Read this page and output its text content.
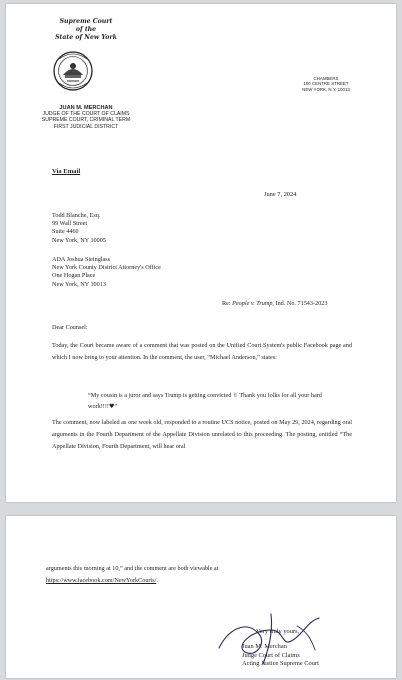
Supreme Court
of the
State of New York
JUAN M. MERCHAN
JUDGE OF THE COURT OF CLAIMS
SUPREME COURT, CRIMINAL TERM
FIRST JUDICIAL DISTRICT
CHAMBERS
100 CENTRE STREET
NEW YORK, N.Y. 10013
Via Email
June 7, 2024
Todd Blanche, Esq.
99 Wall Street
Suite 4460
New York, NY 10005
ADA Joshua Steinglass
New York County District Attorney's Office
One Hogan Place
New York, NY 10013
Re: People v. Trump, Ind. No. 71543-2023
Dear Counsel:
Today, the Court became aware of a comment that was posted on the Unified Court System's public Facebook page and which I now bring to your attention. In the comment, the user, “Michael Anderson,” states:
“My cousin is a juror and says Trump is getting convicted ✌ Thank you folks for all your hard work!!!!♥”
The comment, now labeled as one week old, responded to a routine UCS notice, posted on May 29, 2024, regarding oral arguments in the Fourth Department of the Appellate Division unrelated to this proceeding. The posting, entitled “The Appellate Division, Fourth Department, will hear oral
arguments this morning at 10,” and the comment are both viewable at
https://www.facebook.com/NewYorkCourts/.
Very truly yours,
Juan M. Merchan
Judge Court of Claims
Acting Justice Supreme Court
